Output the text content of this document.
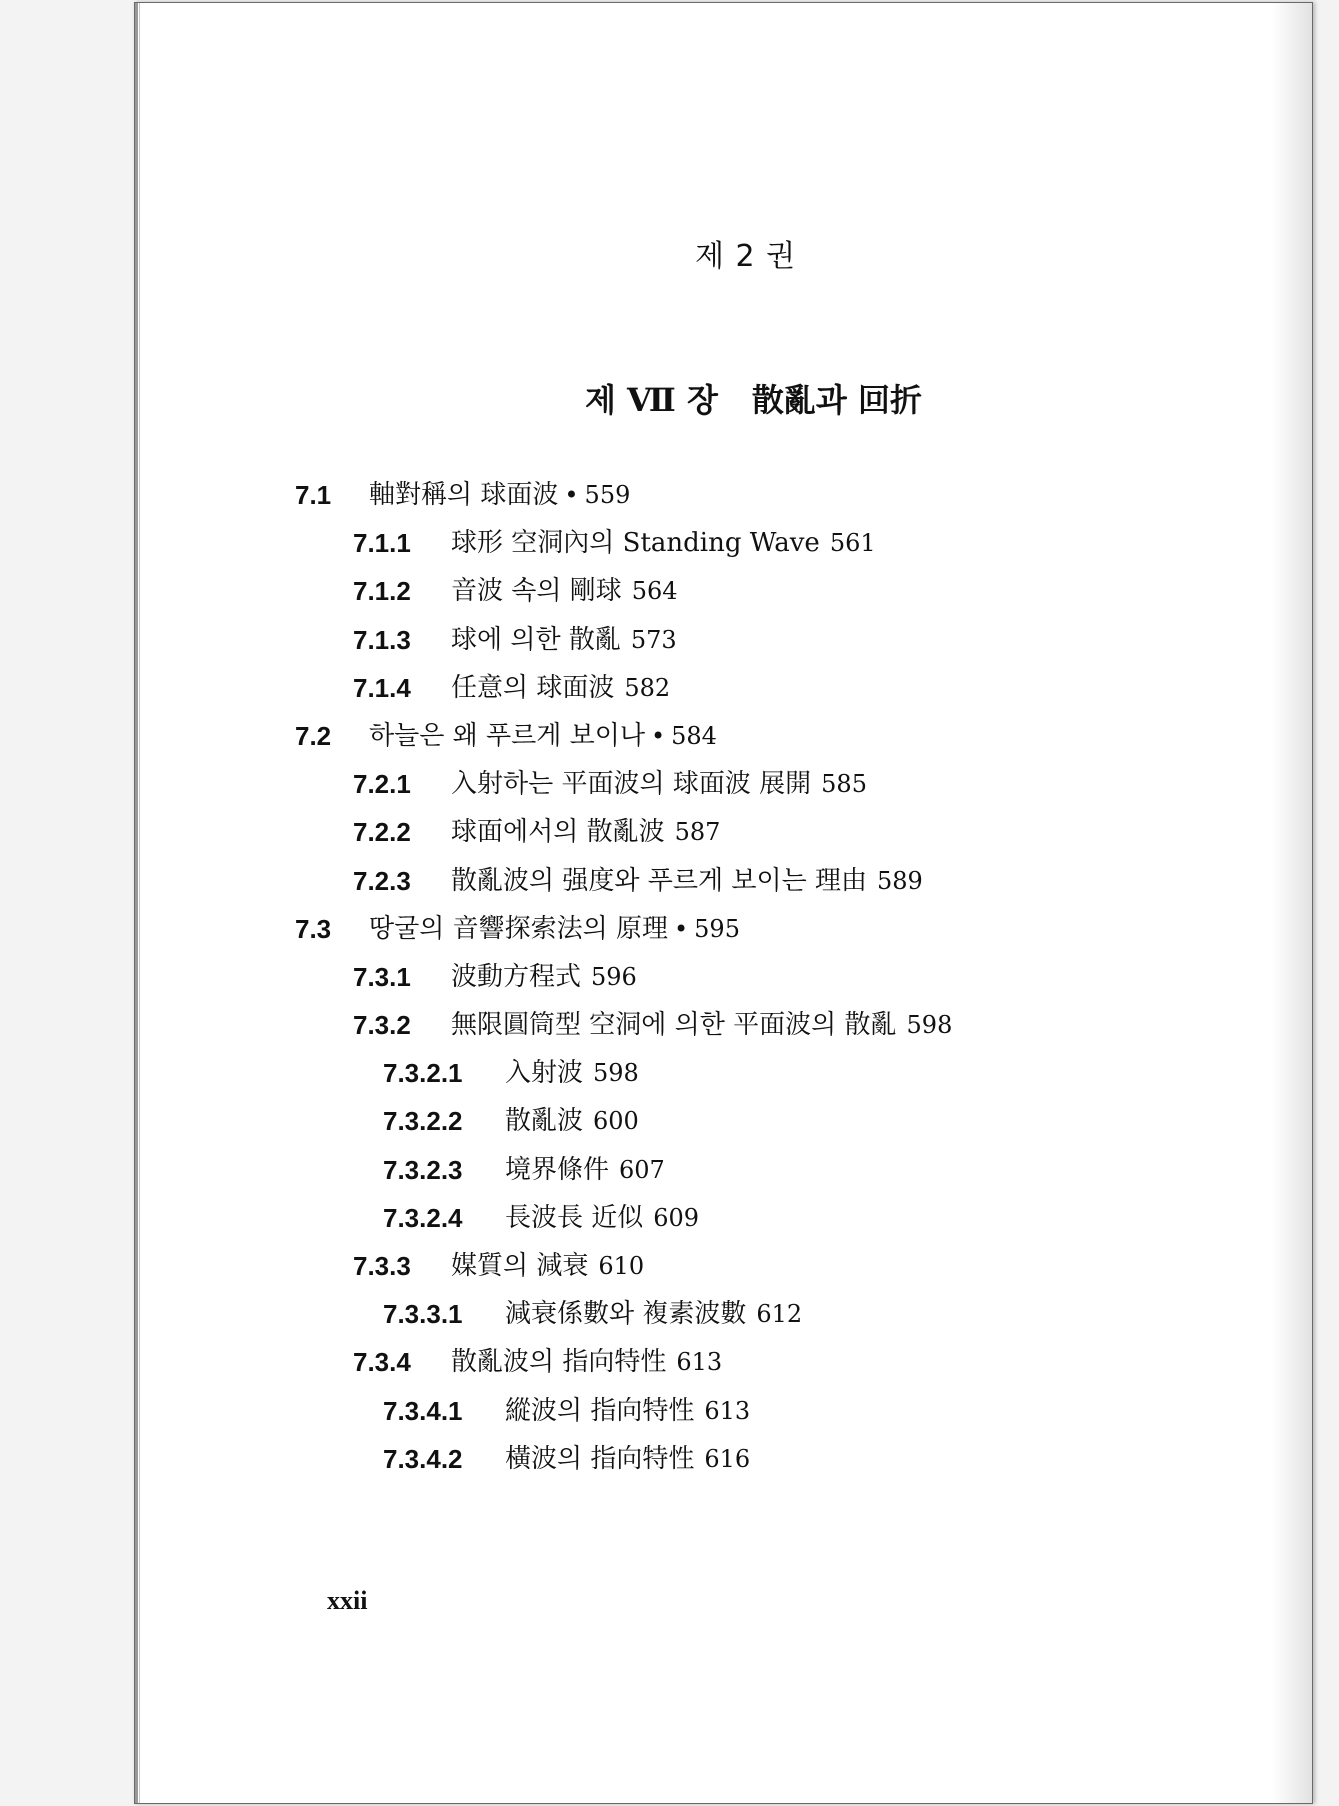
제 2 권
제 Ⅶ 장 散亂과 回折
7.1 軸對稱의 球面波 • 559
7.1.1 球形 空洞內의 Standing Wave 561
7.1.2 音波 속의 剛球 564
7.1.3 球에 의한 散亂 573
7.1.4 任意의 球面波 582
7.2 하늘은 왜 푸르게 보이나 • 584
7.2.1 入射하는 平面波의 球面波 展開 585
7.2.2 球面에서의 散亂波 587
7.2.3 散亂波의 强度와 푸르게 보이는 理由 589
7.3 땅굴의 音響探索法의 原理 • 595
7.3.1 波動方程式 596
7.3.2 無限圓筒型 空洞에 의한 平面波의 散亂 598
7.3.2.1 入射波 598
7.3.2.2 散亂波 600
7.3.2.3 境界條件 607
7.3.2.4 長波長 近似 609
7.3.3 媒質의 減衰 610
7.3.3.1 減衰係數와 複素波數 612
7.3.4 散亂波의 指向特性 613
7.3.4.1 縱波의 指向特性 613
7.3.4.2 橫波의 指向特性 616
xxii
